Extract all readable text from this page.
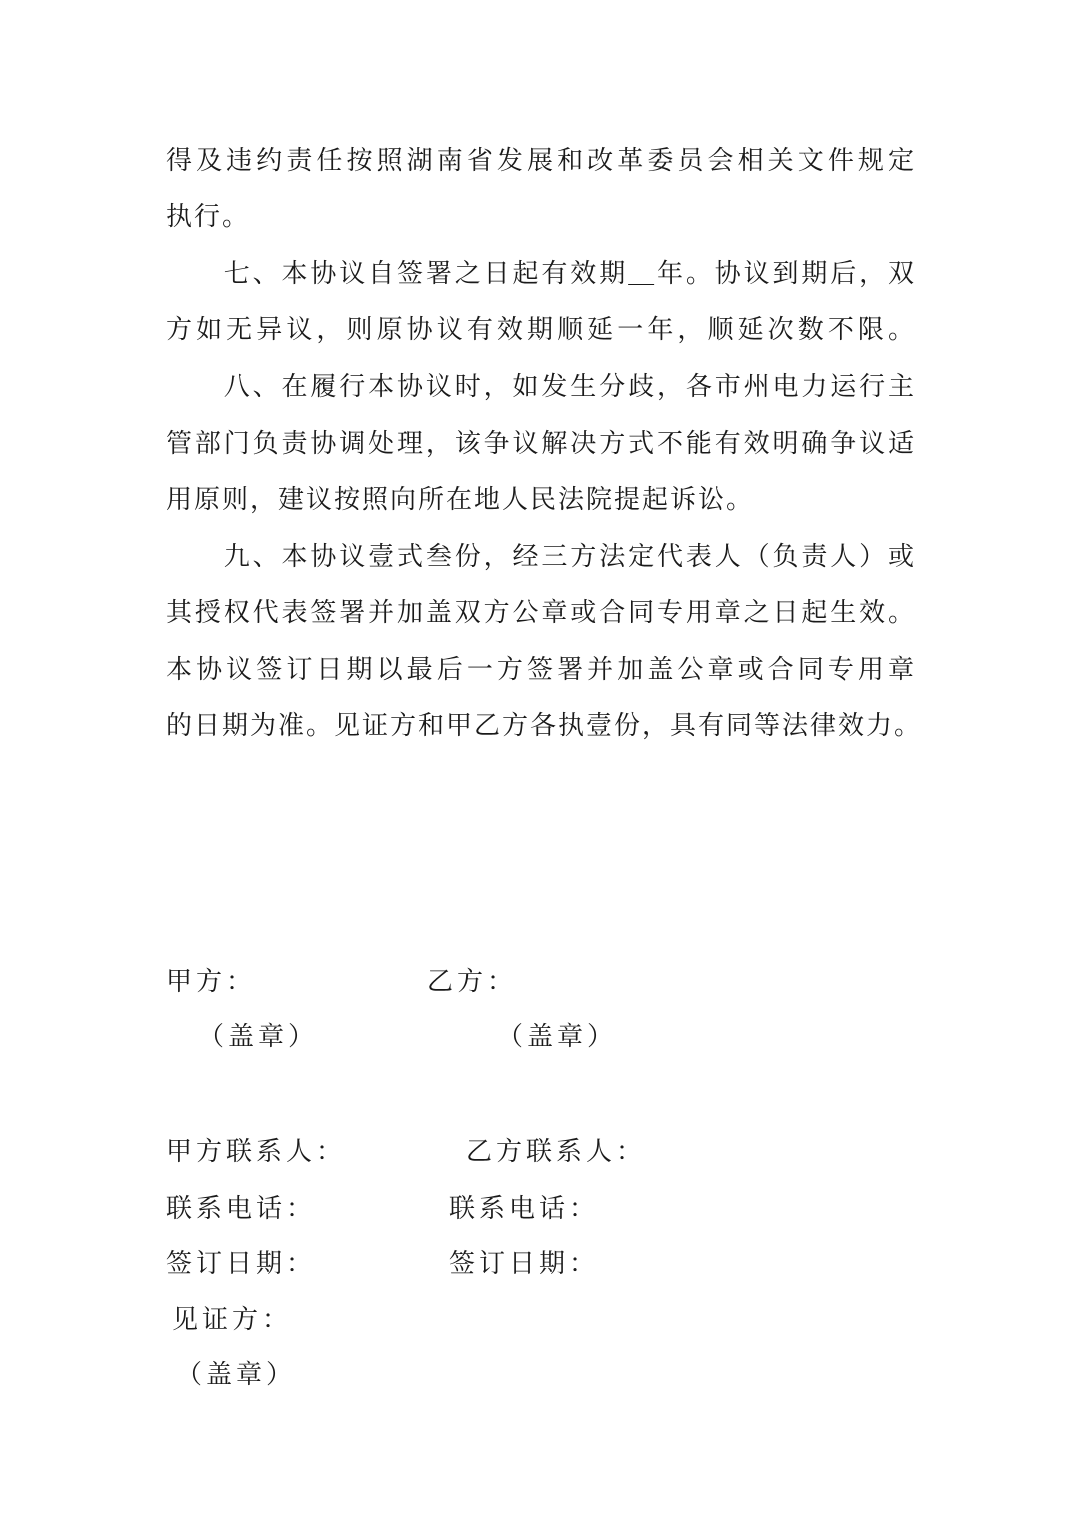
得及违约责任按照湖南省发展和改革委员会相关文件规定
执行。
　　七、本协议自签署之日起有效期＿年。协议到期后，双
方如无异议，则原协议有效期顺延一年，顺延次数不限。
　　八、在履行本协议时，如发生分歧，各市州电力运行主
管部门负责协调处理，该争议解决方式不能有效明确争议适
用原则，建议按照向所在地人民法院提起诉讼。
　　九、本协议壹式叁份，经三方法定代表人（负责人）或
其授权代表签署并加盖双方公章或合同专用章之日起生效。
本协议签订日期以最后一方签署并加盖公章或合同专用章
的日期为准。见证方和甲乙方各执壹份，具有同等法律效力。
甲方：	乙方：
（盖章）	（盖章）
甲方联系人：	乙方联系人：
联系电话：	联系电话：
签订日期：	签订日期：
见证方：
（盖章）
